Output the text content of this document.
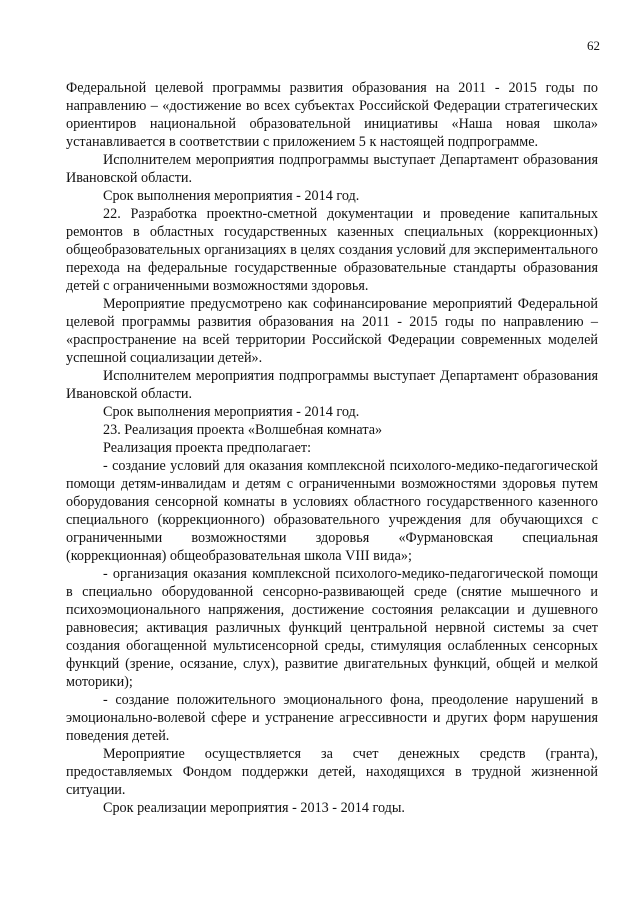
62

Федеральной целевой программы развития образования на 2011 - 2015 годы по направлению – «достижение во всех субъектах Российской Федерации стратегических ориентиров национальной образовательной инициативы «Наша новая школа» устанавливается в соответствии с приложением 5 к настоящей подпрограмме.

Исполнителем мероприятия подпрограммы выступает Департамент образования Ивановской области.

Срок выполнения мероприятия - 2014 год.

22. Разработка проектно-сметной документации и проведение капитальных ремонтов в областных государственных казенных специальных (коррекционных) общеобразовательных организациях в целях создания условий для экспериментального перехода на федеральные государственные образовательные стандарты образования детей с ограниченными возможностями здоровья.

Мероприятие предусмотрено как софинансирование мероприятий Федеральной целевой программы развития образования на 2011 - 2015 годы по направлению – «распространение на всей территории Российской Федерации современных моделей успешной социализации детей».

Исполнителем мероприятия подпрограммы выступает Департамент образования Ивановской области.

Срок выполнения мероприятия - 2014 год.

23. Реализация проекта «Волшебная комната»

Реализация проекта предполагает:

- создание условий для оказания комплексной психолого-медико-педагогической помощи детям-инвалидам и детям с ограниченными возможностями здоровья путем оборудования сенсорной комнаты в условиях областного государственного казенного специального (коррекционного) образовательного учреждения для обучающихся с ограниченными возможностями здоровья «Фурмановская специальная (коррекционная) общеобразовательная школа VIII вида»;

- организация оказания комплексной психолого-медико-педагогической помощи в специально оборудованной сенсорно-развивающей среде (снятие мышечного и психоэмоционального напряжения, достижение состояния релаксации и душевного равновесия; активация различных функций центральной нервной системы за счет создания обогащенной мультисенсорной среды, стимуляция ослабленных сенсорных функций (зрение, осязание, слух), развитие двигательных функций, общей и мелкой моторики);

- создание положительного эмоционального фона, преодоление нарушений в эмоционально-волевой сфере и устранение агрессивности и других форм нарушения поведения детей.

Мероприятие осуществляется за счет денежных средств (гранта), предоставляемых Фондом поддержки детей, находящихся в трудной жизненной ситуации.

Срок реализации мероприятия - 2013 - 2014 годы.
